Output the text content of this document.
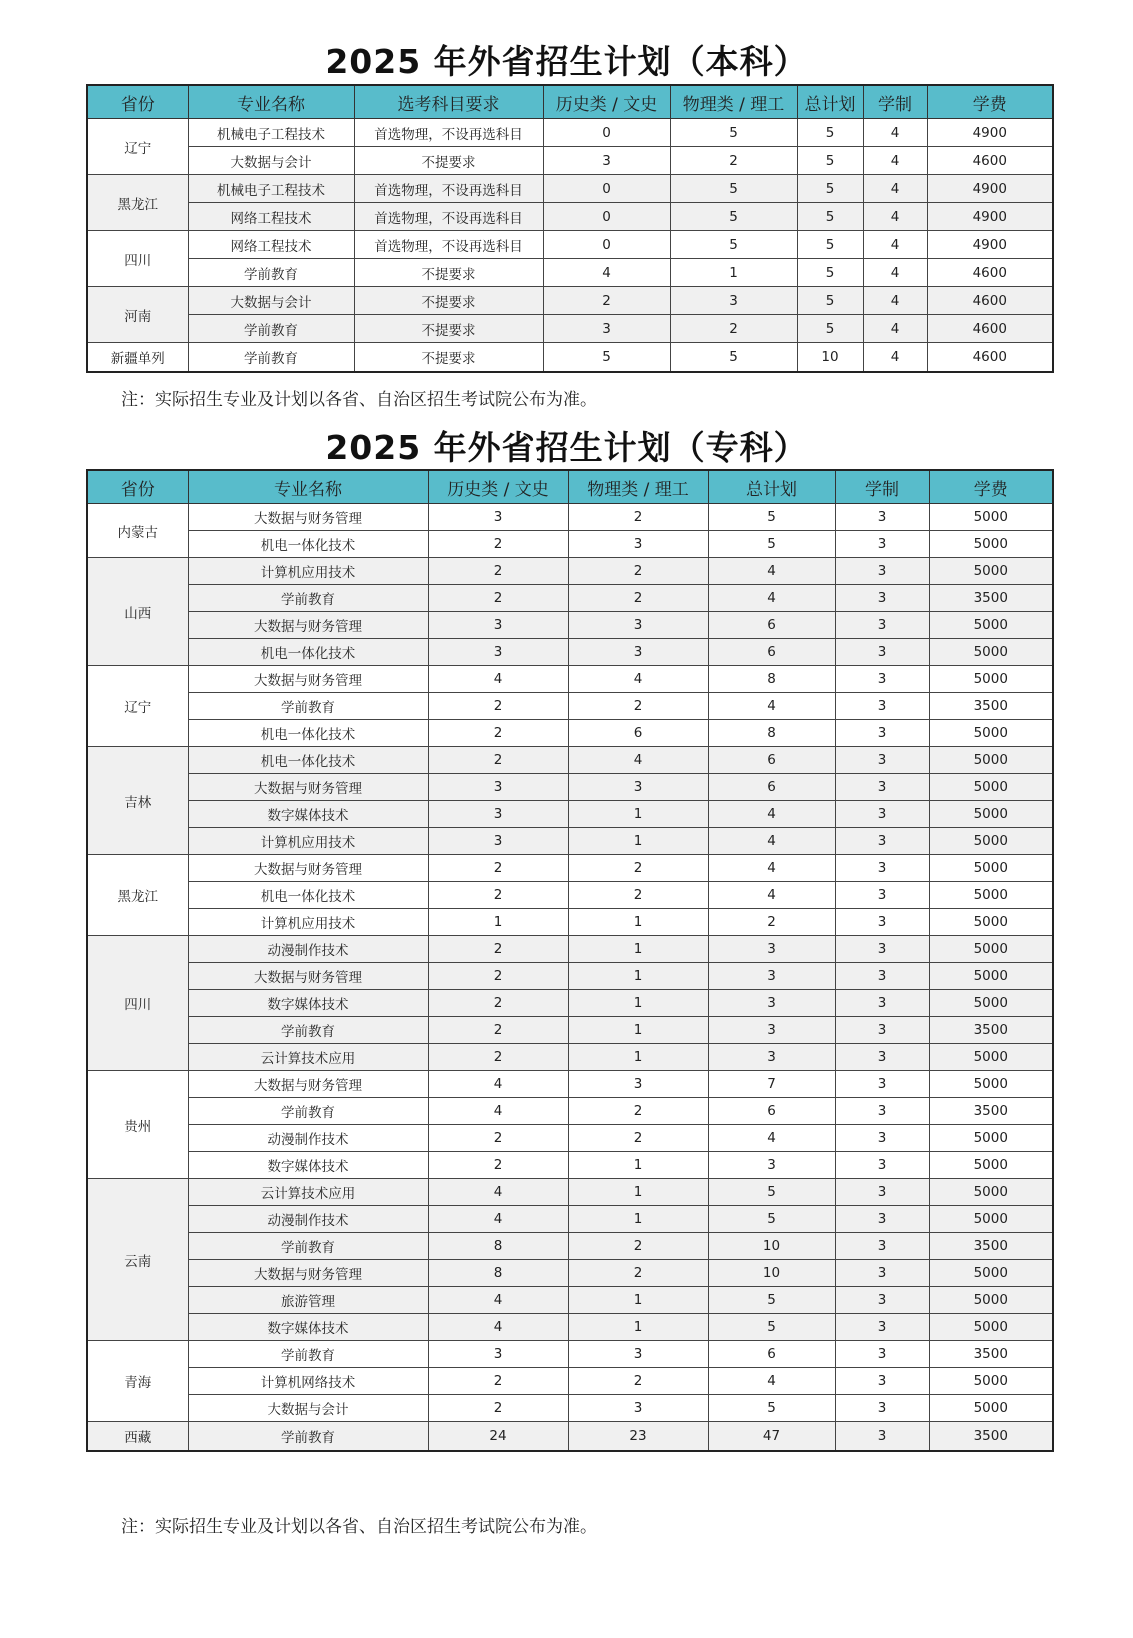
2025 年外省招生计划（本科）
省份	专业名称	选考科目要求	历史类 / 文史	物理类 / 理工	总计划	学制	学费
辽宁	机械电子工程技术	首选物理，不设再选科目	0	5	5	4	4900
	大数据与会计	不提要求	3	2	5	4	4600
黑龙江	机械电子工程技术	首选物理，不设再选科目	0	5	5	4	4900
	网络工程技术	首选物理，不设再选科目	0	5	5	4	4900
四川	网络工程技术	首选物理，不设再选科目	0	5	5	4	4900
	学前教育	不提要求	4	1	5	4	4600
河南	大数据与会计	不提要求	2	3	5	4	4600
	学前教育	不提要求	3	2	5	4	4600
新疆单列	学前教育	不提要求	5	5	10	4	4600
注：实际招生专业及计划以各省、自治区招生考试院公布为准。
2025 年外省招生计划（专科）
省份	专业名称	历史类 / 文史	物理类 / 理工	总计划	学制	学费
内蒙古	大数据与财务管理	3	2	5	3	5000
	机电一体化技术	2	3	5	3	5000
山西	计算机应用技术	2	2	4	3	5000
	学前教育	2	2	4	3	3500
	大数据与财务管理	3	3	6	3	5000
	机电一体化技术	3	3	6	3	5000
辽宁	大数据与财务管理	4	4	8	3	5000
	学前教育	2	2	4	3	3500
	机电一体化技术	2	6	8	3	5000
吉林	机电一体化技术	2	4	6	3	5000
	大数据与财务管理	3	3	6	3	5000
	数字媒体技术	3	1	4	3	5000
	计算机应用技术	3	1	4	3	5000
黑龙江	大数据与财务管理	2	2	4	3	5000
	机电一体化技术	2	2	4	3	5000
	计算机应用技术	1	1	2	3	5000
四川	动漫制作技术	2	1	3	3	5000
	大数据与财务管理	2	1	3	3	5000
	数字媒体技术	2	1	3	3	5000
	学前教育	2	1	3	3	3500
	云计算技术应用	2	1	3	3	5000
贵州	大数据与财务管理	4	3	7	3	5000
	学前教育	4	2	6	3	3500
	动漫制作技术	2	2	4	3	5000
	数字媒体技术	2	1	3	3	5000
云南	云计算技术应用	4	1	5	3	5000
	动漫制作技术	4	1	5	3	5000
	学前教育	8	2	10	3	3500
	大数据与财务管理	8	2	10	3	5000
	旅游管理	4	1	5	3	5000
	数字媒体技术	4	1	5	3	5000
青海	学前教育	3	3	6	3	3500
	计算机网络技术	2	2	4	3	5000
	大数据与会计	2	3	5	3	5000
西藏	学前教育	24	23	47	3	3500
注：实际招生专业及计划以各省、自治区招生考试院公布为准。
